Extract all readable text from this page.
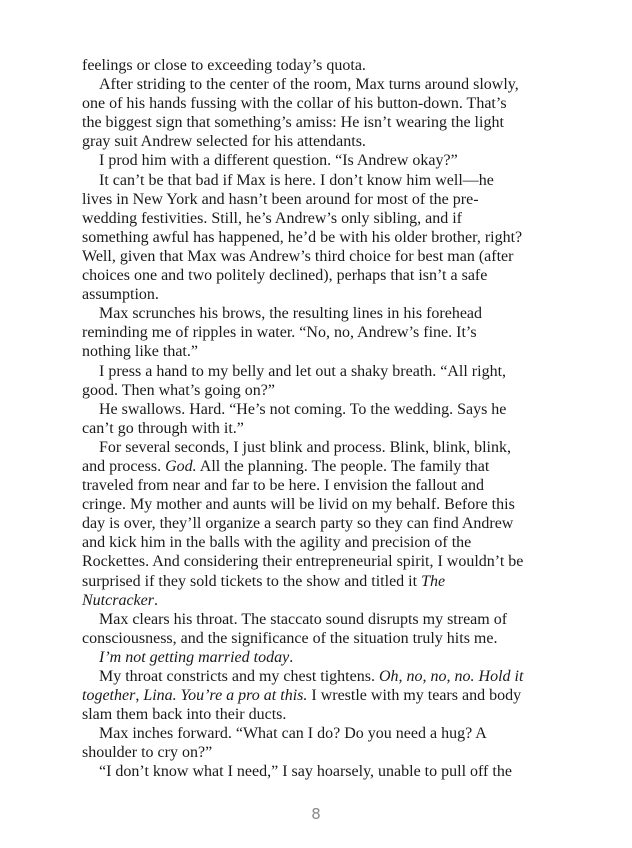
feelings or close to exceeding today’s quota.
After striding to the center of the room, Max turns around slowly,
one of his hands fussing with the collar of his button-down. That’s
the biggest sign that something’s amiss: He isn’t wearing the light
gray suit Andrew selected for his attendants.
I prod him with a different question. “Is Andrew okay?”
It can’t be that bad if Max is here. I don’t know him well—he
lives in New York and hasn’t been around for most of the pre-
wedding festivities. Still, he’s Andrew’s only sibling, and if
something awful has happened, he’d be with his older brother, right?
Well, given that Max was Andrew’s third choice for best man (after
choices one and two politely declined), perhaps that isn’t a safe
assumption.
Max scrunches his brows, the resulting lines in his forehead
reminding me of ripples in water. “No, no, Andrew’s fine. It’s
nothing like that.”
I press a hand to my belly and let out a shaky breath. “All right,
good. Then what’s going on?”
He swallows. Hard. “He’s not coming. To the wedding. Says he
can’t go through with it.”
For several seconds, I just blink and process. Blink, blink, blink,
and process. God. All the planning. The people. The family that
traveled from near and far to be here. I envision the fallout and
cringe. My mother and aunts will be livid on my behalf. Before this
day is over, they’ll organize a search party so they can find Andrew
and kick him in the balls with the agility and precision of the
Rockettes. And considering their entrepreneurial spirit, I wouldn’t be
surprised if they sold tickets to the show and titled it The
Nutcracker.
Max clears his throat. The staccato sound disrupts my stream of
consciousness, and the significance of the situation truly hits me.
I’m not getting married today.
My throat constricts and my chest tightens. Oh, no, no, no. Hold it
together, Lina. You’re a pro at this. I wrestle with my tears and body
slam them back into their ducts.
Max inches forward. “What can I do? Do you need a hug? A
shoulder to cry on?”
“I don’t know what I need,” I say hoarsely, unable to pull off the
8
